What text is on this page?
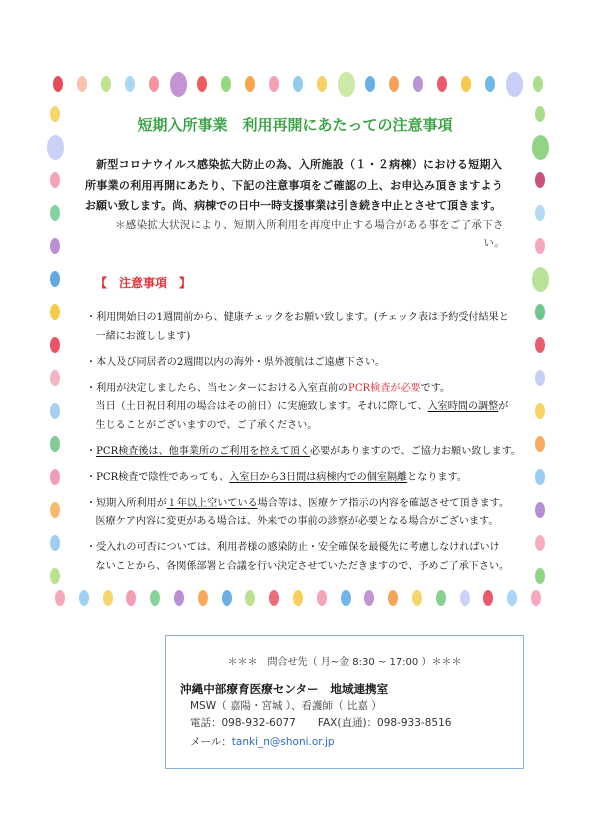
短期入所事業　利用再開にあたっての注意事項
新型コロナウイルス感染拡大防止の為、入所施設（１・２病棟）における短期入
所事業の利用再開にあたり、下記の注意事項をご確認の上、お申込み頂きますよう
お願い致します。尚、病棟での日中一時支援事業は引き続き中止とさせて頂きます。
＊感染拡大状況により、短期入所利用を再度中止する場合がある事をご了承下さ
い。
【　注意事項　】
・利用開始日の1週間前から、健康チェックをお願い致します。(チェック表は予約受付結果と
一緒にお渡しします)
・本人及び同居者の2週間以内の海外・県外渡航はご遠慮下さい。
・利用が決定しましたら、当センターにおける入室直前のPCR検査が必要です。
当日（土日祝日利用の場合はその前日）に実施致します。それに際して、入室時間の調整が
生じることがございますので、ご了承ください。
・PCR検査後は、他事業所のご利用を控えて頂く必要がありますので、ご協力お願い致します。
・PCR検査で陰性であっても、入室日から3日間は病棟内での個室隔離となります。
・短期入所利用が１年以上空いている場合等は、医療ケア指示の内容を確認させて頂きます。
医療ケア内容に変更がある場合は、外来での事前の診察が必要となる場合がございます。
・受入れの可否については、利用者様の感染防止・安全確保を最優先に考慮しなければいけ
ないことから、各関係部署と合議を行い決定させていただきますので、予めご了承下さい。
＊＊＊　問合せ先（ 月~金 8:30 ~ 17:00 ）＊＊＊
沖縄中部療育医療センター　地域連携室
MSW（ 嘉陽・宮城 ）、看護師（ 比嘉 ）
電話：098-932-6077 FAX(直通)：098-933-8516
メール：tanki_n@shoni.or.jp
